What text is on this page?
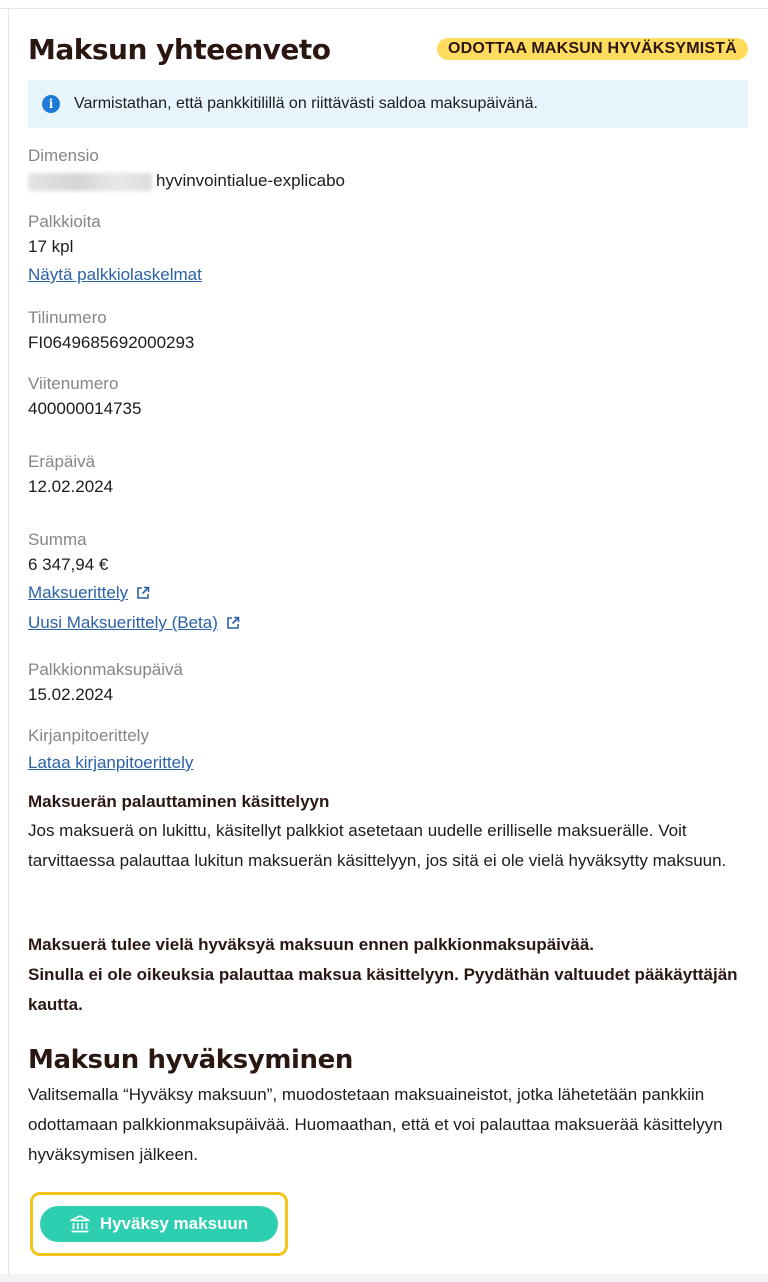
Maksun yhteenveto	ODOTTAA MAKSUN HYVÄKSYMISTÄ
i	Varmistathan, että pankkitilillä on riittävästi saldoa maksupäivänä.
Dimensio
hyvinvointialue-explicabo
Palkkioita
17 kpl
Näytä palkkiolaskelmat
Tilinumero
FI0649685692000293
Viitenumero
400000014735
Eräpäivä
12.02.2024
Summa
6 347,94 €
Maksuerittely
Uusi Maksuerittely (Beta)
Palkkionmaksupäivä
15.02.2024
Kirjanpitoerittely
Lataa kirjanpitoerittely
Maksuerän palauttaminen käsittelyyn
Jos maksuerä on lukittu, käsitellyt palkkiot asetetaan uudelle erilliselle maksuerälle. Voit tarvittaessa palauttaa lukitun maksuerän käsittelyyn, jos sitä ei ole vielä hyväksytty maksuun.
Maksuerä tulee vielä hyväksyä maksuun ennen palkkionmaksupäivää.
Sinulla ei ole oikeuksia palauttaa maksua käsittelyyn. Pyydäthän valtuudet pääkäyttäjän kautta.
Maksun hyväksyminen
Valitsemalla “Hyväksy maksuun”, muodostetaan maksuaineistot, jotka lähetetään pankkiin odottamaan palkkionmaksupäivää. Huomaathan, että et voi palauttaa maksuerää käsittelyyn hyväksymisen jälkeen.
Hyväksy maksuun
